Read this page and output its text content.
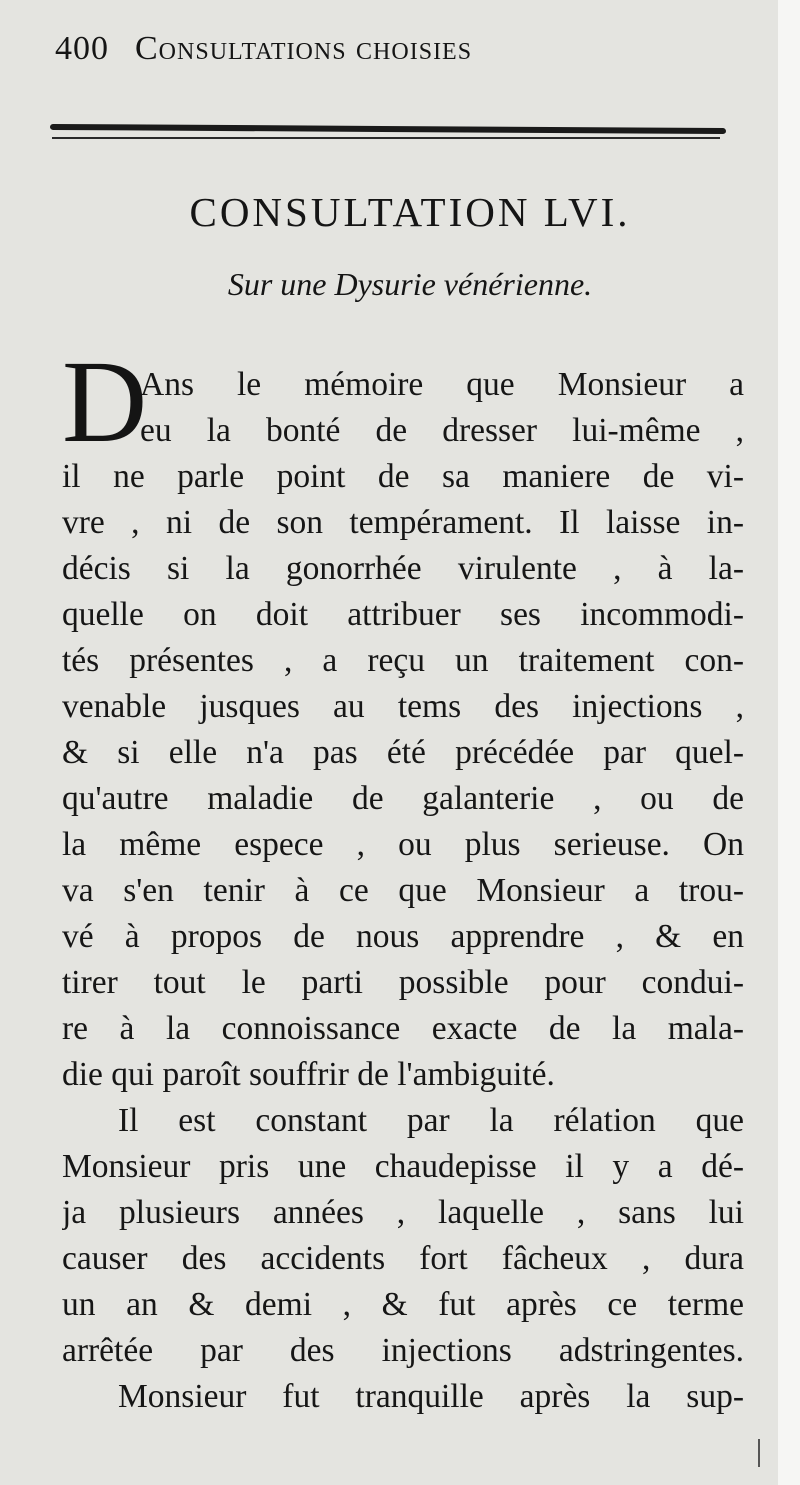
400 Consultations choisies
CONSULTATION LVI.
Sur une Dysurie vénérienne.
D
Ans le mémoire que Monsieur a
eu la bonté de dresser lui-même ,
il ne parle point de sa maniere de vi-
vre , ni de son tempérament. Il laisse in-
décis si la gonorrhée virulente , à la-
quelle on doit attribuer ses incommodi-
tés présentes , a reçu un traitement con-
venable jusques au tems des injections ,
& si elle n'a pas été précédée par quel-
qu'autre maladie de galanterie , ou de
la même espece , ou plus serieuse. On
va s'en tenir à ce que Monsieur a trou-
vé à propos de nous apprendre , & en
tirer tout le parti possible pour condui-
re à la connoissance exacte de la mala-
die qui paroît souffrir de l'ambiguité.
Il est constant par la rélation que
Monsieur pris une chaudepisse il y a dé-
ja plusieurs années , laquelle , sans lui
causer des accidents fort fâcheux , dura
un an & demi , & fut après ce terme
arrêtée par des injections adstringentes.
Monsieur fut tranquille après la sup-
